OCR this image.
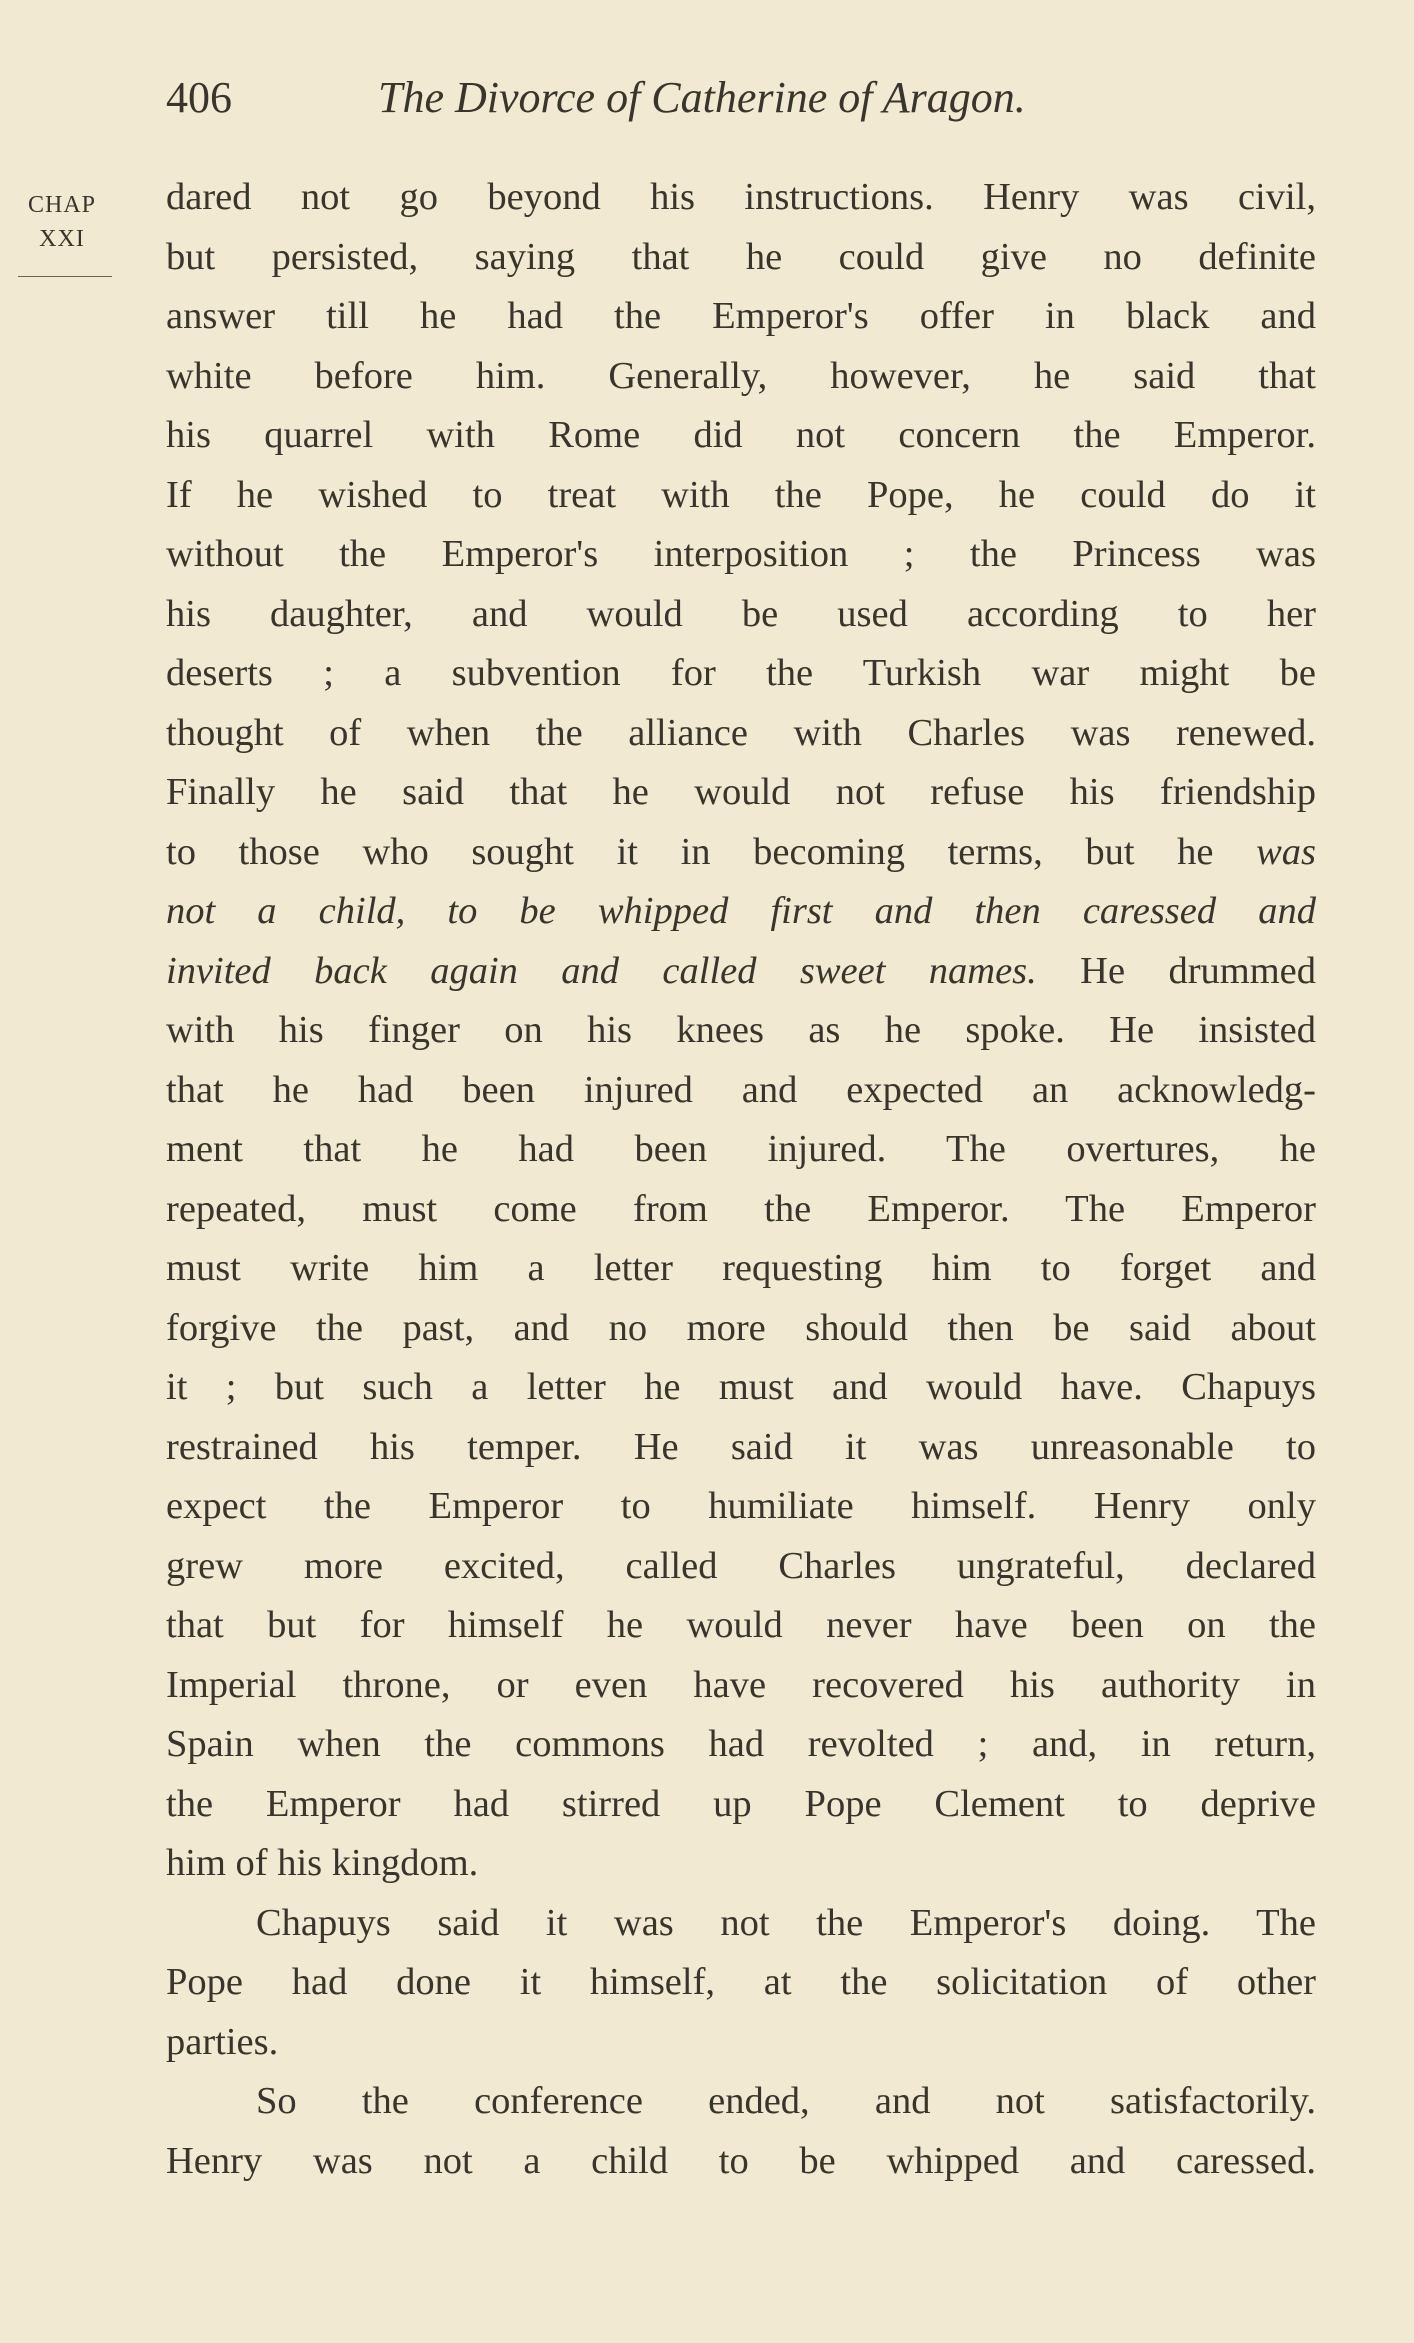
406	The Divorce of Catherine of Aragon.
CHAP
XXI
dared not go beyond his instructions. Henry was civil,
but persisted, saying that he could give no definite
answer till he had the Emperor's offer in black and
white before him. Generally, however, he said that
his quarrel with Rome did not concern the Emperor.
If he wished to treat with the Pope, he could do it
without the Emperor's interposition ; the Princess was
his daughter, and would be used according to her
deserts ; a subvention for the Turkish war might be
thought of when the alliance with Charles was renewed.
Finally he said that he would not refuse his friendship
to those who sought it in becoming terms, but he was
not a child, to be whipped first and then caressed and
invited back again and called sweet names. He drummed
with his finger on his knees as he spoke. He insisted
that he had been injured and expected an acknowledg-
ment that he had been injured. The overtures, he
repeated, must come from the Emperor. The Emperor
must write him a letter requesting him to forget and
forgive the past, and no more should then be said about
it ; but such a letter he must and would have. Chapuys
restrained his temper. He said it was unreasonable to
expect the Emperor to humiliate himself. Henry only
grew more excited, called Charles ungrateful, declared
that but for himself he would never have been on the
Imperial throne, or even have recovered his authority in
Spain when the commons had revolted ; and, in return,
the Emperor had stirred up Pope Clement to deprive
him of his kingdom.
Chapuys said it was not the Emperor's doing. The
Pope had done it himself, at the solicitation of other
parties.
So the conference ended, and not satisfactorily.
Henry was not a child to be whipped and caressed.
